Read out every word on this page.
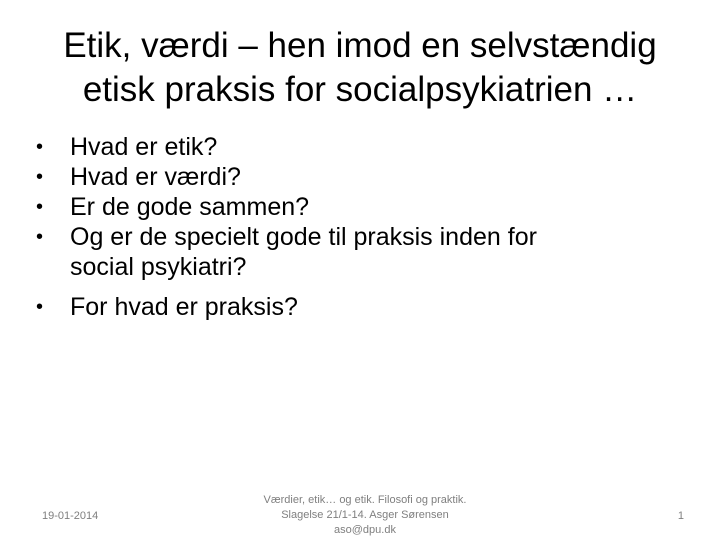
Etik, værdi – hen imod en selvstændig
etisk praksis for socialpsykiatrien …
•	Hvad er etik?
•	Hvad er værdi?
•	Er de gode sammen?
•	Og er de specielt gode til praksis inden for
social psykiatri?
•	For hvad er praksis?
19-01-2014
Værdier, etik… og etik. Filosofi og praktik.
Slagelse 21/1-14. Asger Sørensen
aso@dpu.dk
1
